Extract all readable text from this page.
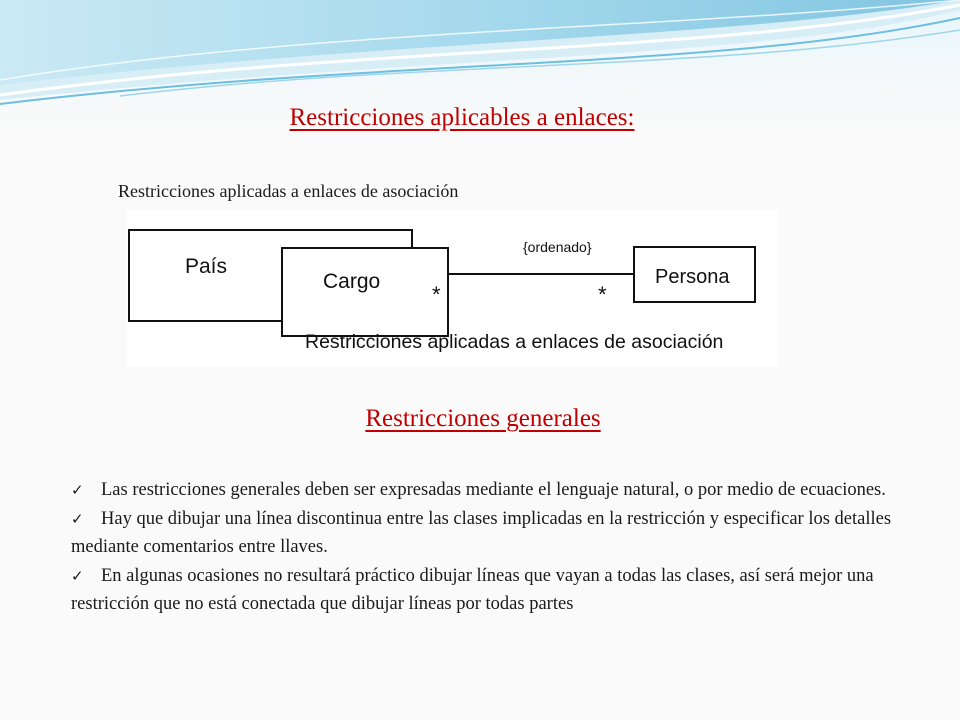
Restricciones aplicables a enlaces:
Restricciones aplicadas a enlaces de asociación
País
Cargo
{ordenado}
*	*
Persona
Restricciones aplicadas a enlaces de asociación
Restricciones generales

✓ Las restricciones generales deben ser expresadas mediante el lenguaje natural, o por medio de ecuaciones.

✓ Hay que dibujar una línea discontinua entre las clases implicadas en la restricción y especificar los detalles mediante comentarios entre llaves.

✓ En algunas ocasiones no resultará práctico dibujar líneas que vayan a todas las clases, así será mejor una restricción que no está conectada que dibujar líneas por todas partes
